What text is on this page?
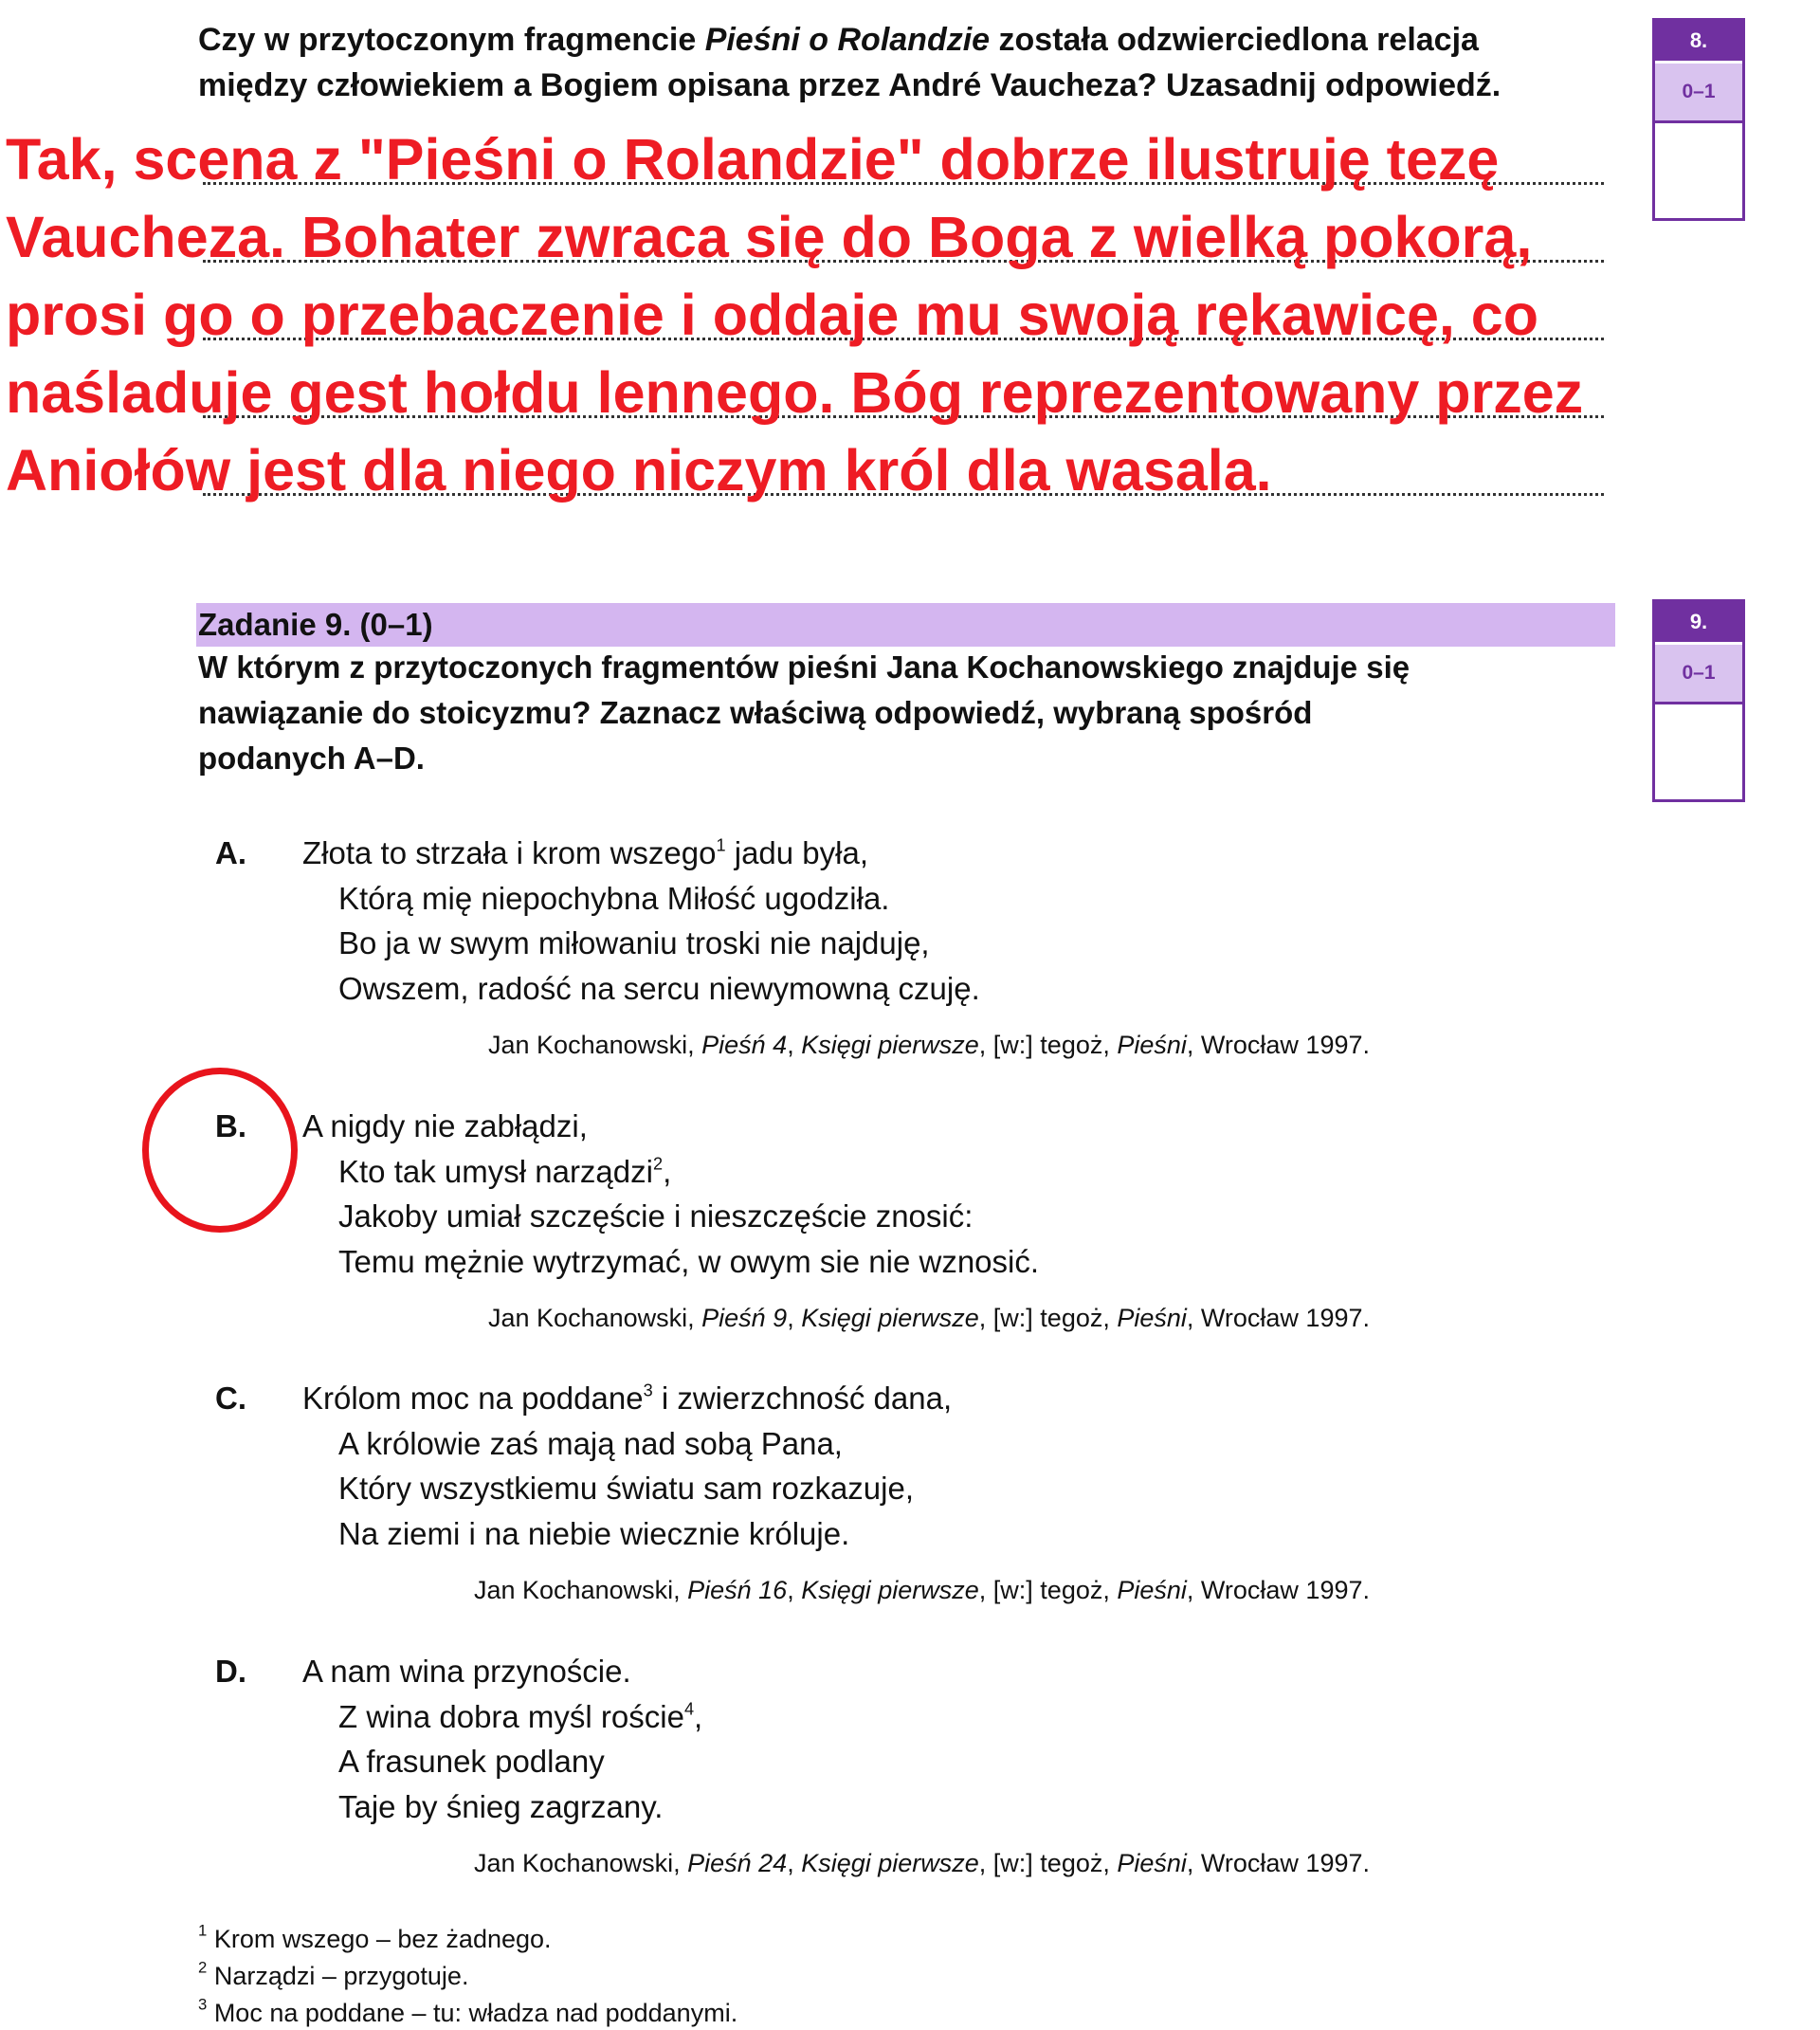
Czy w przytoczonym fragmencie Pieśni o Rolandzie została odzwierciedlona relacja
między człowiekiem a Bogiem opisana przez André Vaucheza? Uzasadnij odpowiedź.
8.
0–1
Tak, scena z "Pieśni o Rolandzie" dobrze ilustruję tezę
Vaucheza. Bohater zwraca się do Boga z wielką pokorą,
prosi go o przebaczenie i oddaje mu swoją rękawicę, co
naśladuje gest hołdu lennego. Bóg reprezentowany przez
Aniołów jest dla niego niczym król dla wasala.
Zadanie 9. (0–1)	9.
0–1
W którym z przytoczonych fragmentów pieśni Jana Kochanowskiego znajduje się
nawiązanie do stoicyzmu? Zaznacz właściwą odpowiedź, wybraną spośród
podanych A–D.
A. Złota to strzała i krom wszego$^1$ jadu była,
Którą mię niepochybna Miłość ugodziła.
Bo ja w swym miłowaniu troski nie najduję,
Owszem, radość na sercu niewymowną czuję.
Jan Kochanowski, Pieśń 4, Księgi pierwsze, [w:] tegoż, Pieśni, Wrocław 1997.
B. A nigdy nie zabłądzi,
Kto tak umysł narządzi$^2$,
Jakoby umiał szczęście i nieszczęście znosić:
Temu mężnie wytrzymać, w owym sie nie wznosić.
Jan Kochanowski, Pieśń 9, Księgi pierwsze, [w:] tegoż, Pieśni, Wrocław 1997.
C. Królom moc na poddane$^3$ i zwierzchność dana,
A królowie zaś mają nad sobą Pana,
Który wszystkiemu światu sam rozkazuje,
Na ziemi i na niebie wiecznie króluje.
Jan Kochanowski, Pieśń 16, Księgi pierwsze, [w:] tegoż, Pieśni, Wrocław 1997.
D. A nam wina przynoście.
Z wina dobra myśl roście$^4$,
A frasunek podlany
Taje by śnieg zagrzany.
Jan Kochanowski, Pieśń 24, Księgi pierwsze, [w:] tegoż, Pieśni, Wrocław 1997.
$^1$ Krom wszego – bez żadnego.
$^2$ Narządzi – przygotuje.
$^3$ Moc na poddane – tu: władza nad poddanymi.
